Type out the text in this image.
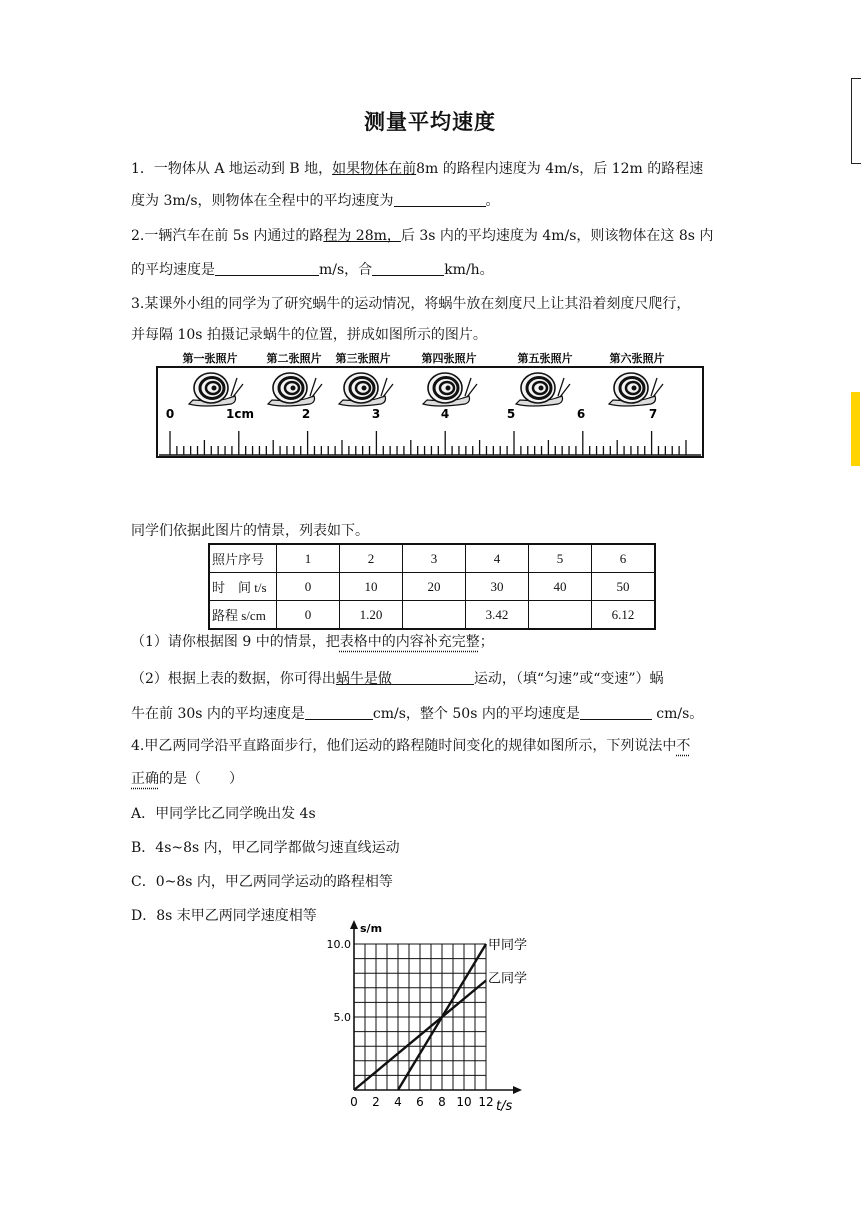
测量平均速度
1．一物体从 A 地运动到 B 地，如果物体在前8m 的路程内速度为 4m/s，后 12m 的路程速
度为 3m/s，则物体在全程中的平均速度为	。
2.一辆汽车在前 5s 内通过的路程为 28m，后 3s 内的平均速度为 4m/s，则该物体在这 8s 内
的平均速度是	m/s，合	km/h。
3.某课外小组的同学为了研究蜗牛的运动情况，将蜗牛放在刻度尺上让其沿着刻度尺爬行，
并每隔 10s 拍摄记录蜗牛的位置，拼成如图所示的图片。
第一张照片	第二张照片 第三张照片	第四张照片	第五张照片	第六张照片
0	1cm	2	3	4	5	6	7
同学们依据此图片的情景，列表如下。
照片序号	1	2	3	4	5	6
时　间 t/s	0	10	20	30	40	50
路程 s/cm	0	1.20		3.42		6.12
（1）请你根据图 9 中的情景，把表格中的内容补充完整；
（2）根据上表的数据，你可得出蜗牛是做	运动，（填“匀速”或“变速”）蜗
牛在前 30s 内的平均速度是	cm/s，整个 50s 内的平均速度是	cm/s。
4.甲乙两同学沿平直路面步行，他们运动的路程随时间变化的规律如图所示，下列说法中不
正确的是（　　）
A．甲同学比乙同学晚出发 4s
B．4s~8s 内，甲乙同学都做匀速直线运动
C．0~8s 内，甲乙两同学运动的路程相等
D．8s 末甲乙两同学速度相等
s/m
t/s
0 2 4 6 8 10 12
5.0
10.0	甲同学
乙同学
